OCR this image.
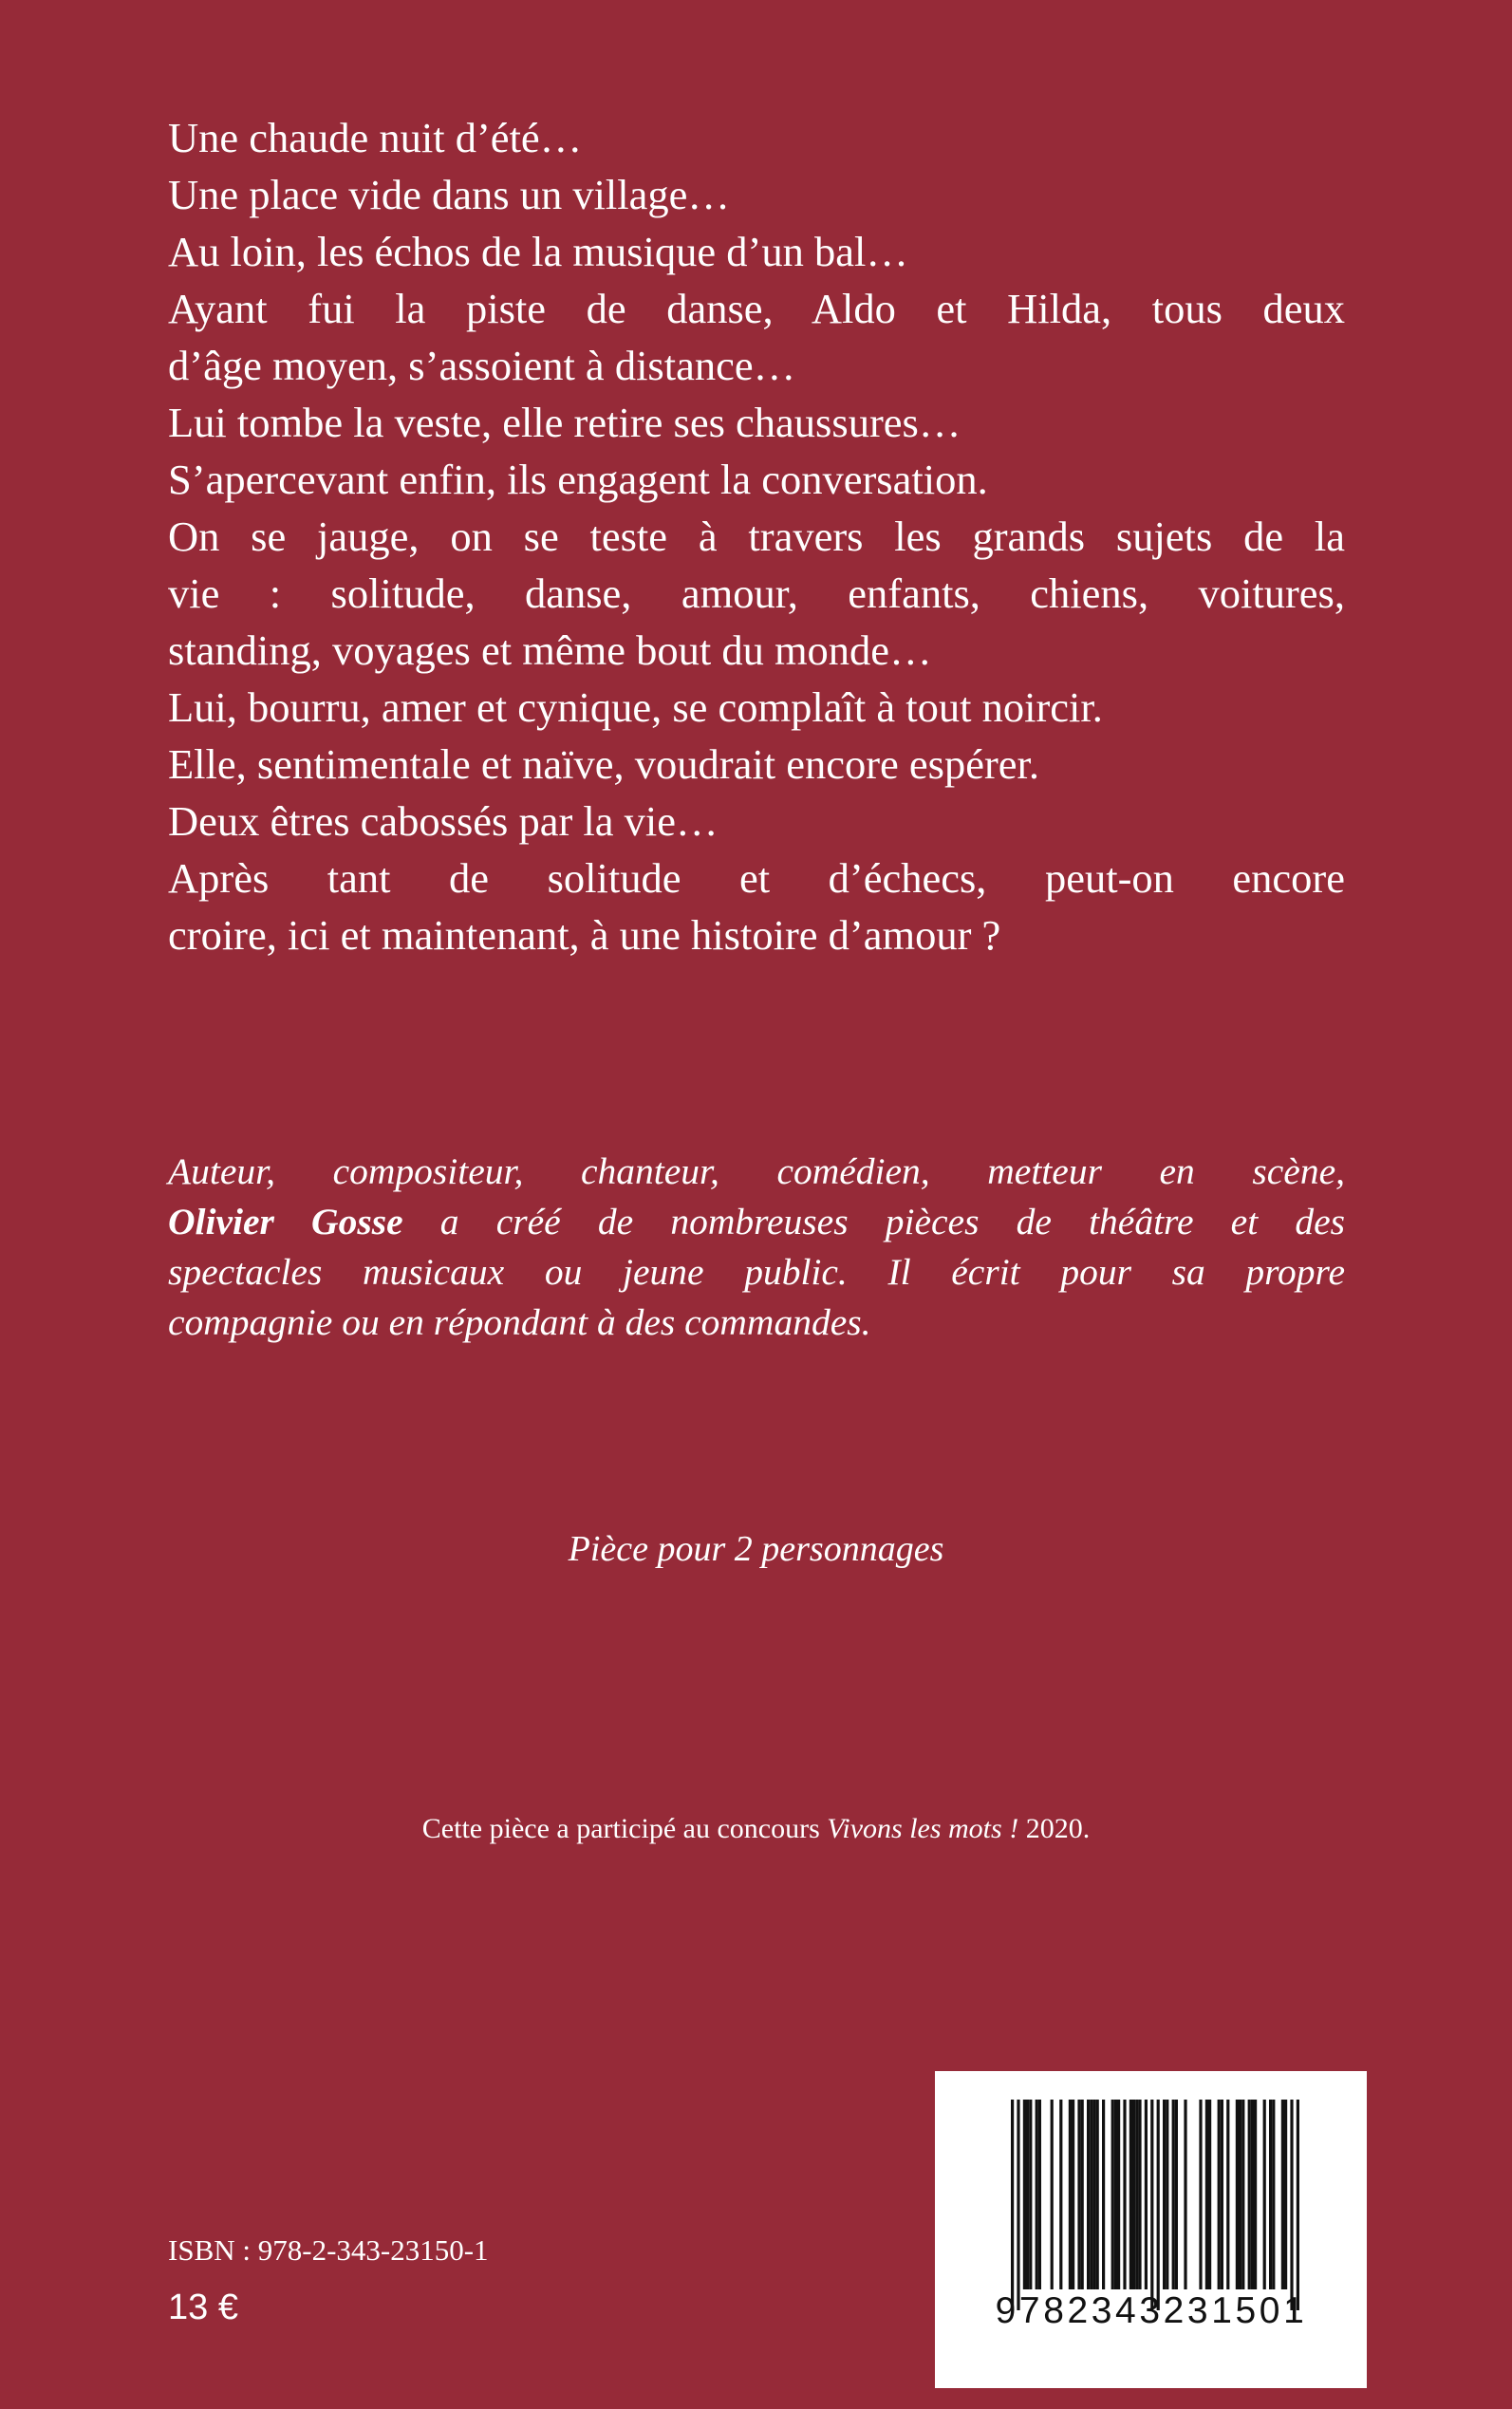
Une chaude nuit d’été…
Une place vide dans un village…
Au loin, les échos de la musique d’un bal…
Ayant fui la piste de danse, Aldo et Hilda, tous deux
d’âge moyen, s’assoient à distance…
Lui tombe la veste, elle retire ses chaussures…
S’apercevant enfin, ils engagent la conversation.
On se jauge, on se teste à travers les grands sujets de la
vie : solitude, danse, amour, enfants, chiens, voitures,
standing, voyages et même bout du monde…
Lui, bourru, amer et cynique, se complaît à tout noircir.
Elle, sentimentale et naïve, voudrait encore espérer.
Deux êtres cabossés par la vie…
Après tant de solitude et d’échecs, peut-on encore
croire, ici et maintenant, à une histoire d’amour ?
Auteur, compositeur, chanteur, comédien, metteur en scène,
Olivier Gosse a créé de nombreuses pièces de théâtre et des
spectacles musicaux ou jeune public. Il écrit pour sa propre
compagnie ou en répondant à des commandes.
Pièce pour 2 personnages
Cette pièce a participé au concours Vivons les mots ! 2020.
9782343231501
ISBN : 978-2-343-23150-1
13 €
